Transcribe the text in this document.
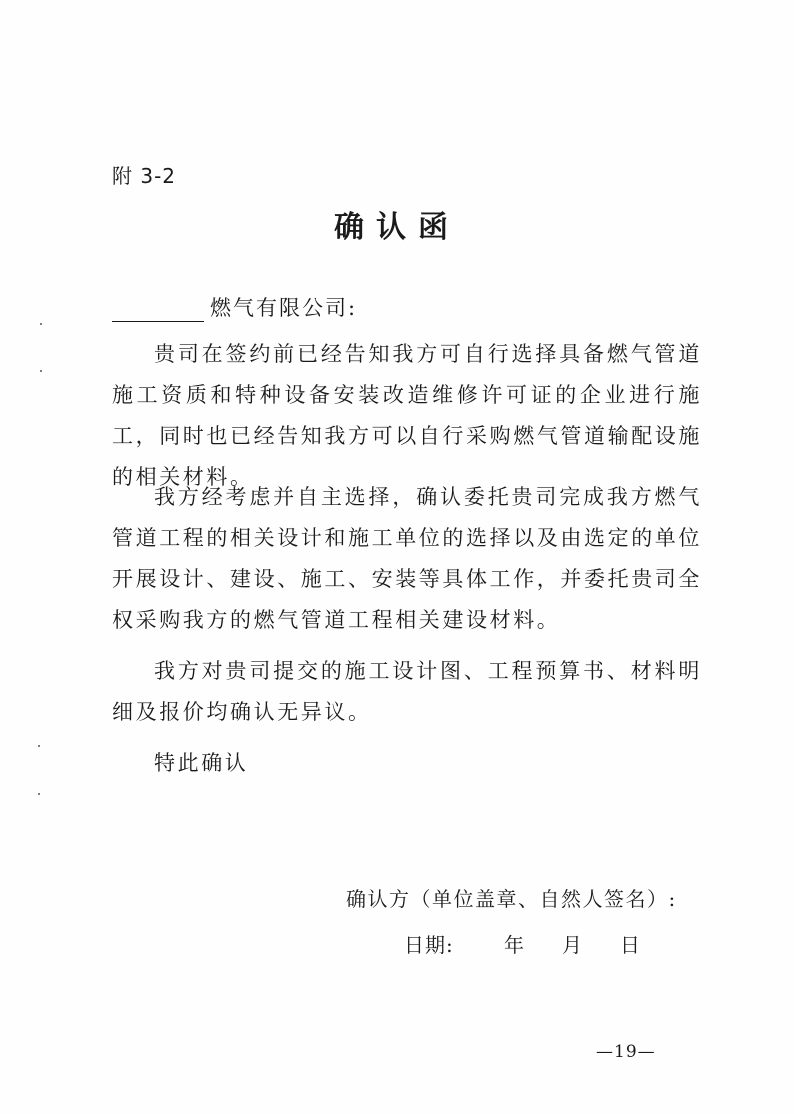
附 3-2
确认函
燃气有限公司:
贵司在签约前已经告知我方可自行选择具备燃气管道施工资质和特种设备安装改造维修许可证的企业进行施工，同时也已经告知我方可以自行采购燃气管道输配设施的相关材料。
我方经考虑并自主选择，确认委托贵司完成我方燃气管道工程的相关设计和施工单位的选择以及由选定的单位开展设计、建设、施工、安装等具体工作，并委托贵司全权采购我方的燃气管道工程相关建设材料。
我方对贵司提交的施工设计图、工程预算书、材料明细及报价均确认无异议。
特此确认
确认方（单位盖章、自然人签名）:
日期:	年	月	日
—19—
